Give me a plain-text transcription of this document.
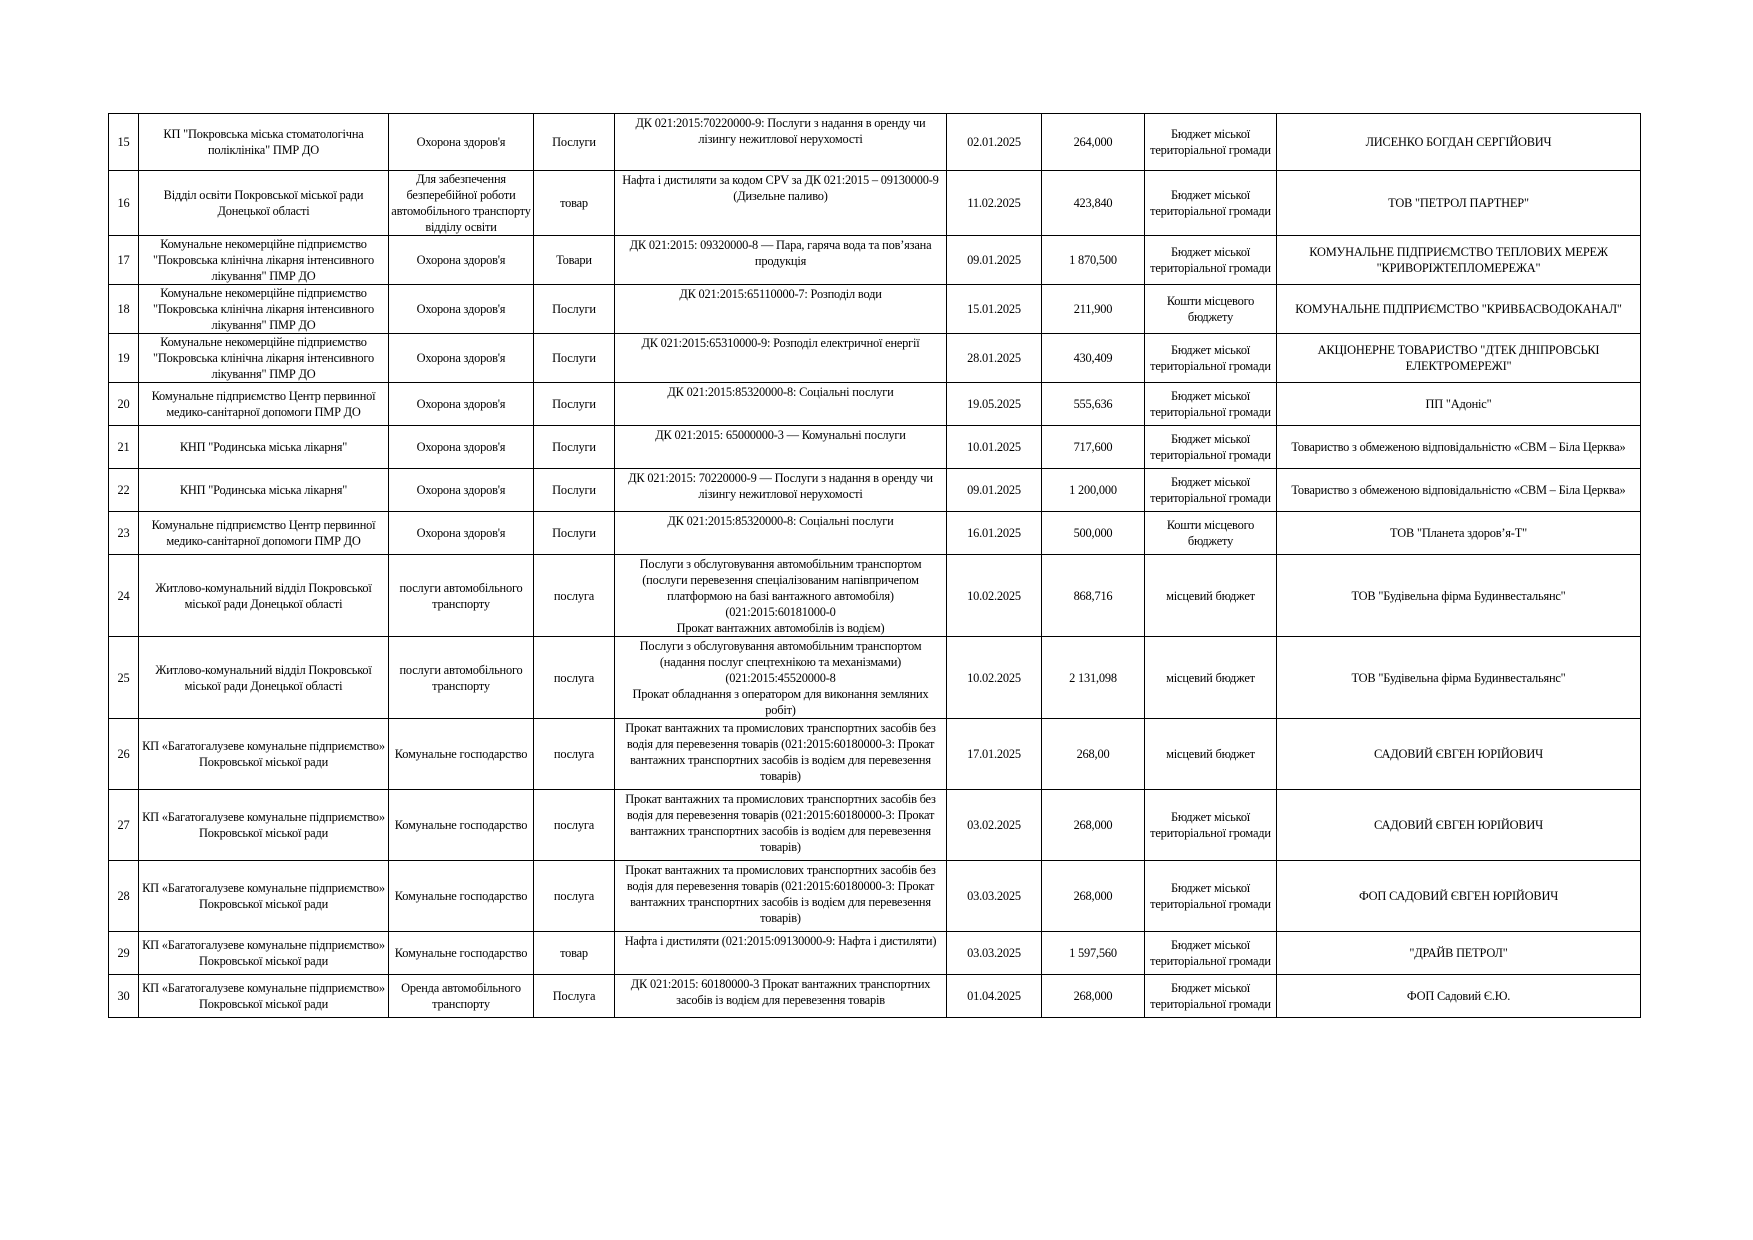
15	КП "Покровська міська стоматологічна поліклініка" ПМР ДО	Охорона здоров'я	Послуги	ДК 021:2015:70220000-9: Послуги з надання в оренду чи лізингу нежитлової нерухомості	02.01.2025	264,000	Бюджет міської територіальної громади	ЛИСЕНКО БОГДАН СЕРГІЙОВИЧ
16	Відділ освіти Покровської міської ради Донецької області	Для забезпечення безперебійної роботи автомобільного транспорту відділу освіти	товар	Нафта і дистиляти за кодом CPV за ДК 021:2015 – 09130000-9 (Дизельне паливо)	11.02.2025	423,840	Бюджет міської територіальної громади	ТОВ "ПЕТРОЛ ПАРТНЕР"
17	Комунальне некомерційне підприємство "Покровська клінічна лікарня інтенсивного лікування" ПМР ДО	Охорона здоров'я	Товари	ДК 021:2015: 09320000-8 — Пара, гаряча вода та пов’язана продукція	09.01.2025	1 870,500	Бюджет міської територіальної громади	КОМУНАЛЬНЕ ПІДПРИЄМСТВО ТЕПЛОВИХ МЕРЕЖ "КРИВОРІЖТЕПЛОМЕРЕЖА"
18	Комунальне некомерційне підприємство "Покровська клінічна лікарня інтенсивного лікування" ПМР ДО	Охорона здоров'я	Послуги	ДК 021:2015:65110000-7: Розподіл води	15.01.2025	211,900	Кошти місцевого бюджету	КОМУНАЛЬНЕ ПІДПРИЄМСТВО "КРИВБАСВОДОКАНАЛ"
19	Комунальне некомерційне підприємство "Покровська клінічна лікарня інтенсивного лікування" ПМР ДО	Охорона здоров'я	Послуги	ДК 021:2015:65310000-9: Розподіл електричної енергії	28.01.2025	430,409	Бюджет міської територіальної громади	АКЦІОНЕРНЕ ТОВАРИСТВО "ДТЕК ДНІПРОВСЬКІ ЕЛЕКТРОМЕРЕЖІ"
20	Комунальне підприємство Центр первинної медико-санітарної допомоги ПМР ДО	Охорона здоров'я	Послуги	ДК 021:2015:85320000-8: Соціальні послуги	19.05.2025	555,636	Бюджет міської територіальної громади	ПП "Адоніс"
21	КНП "Родинська міська лікарня"	Охорона здоров'я	Послуги	ДК 021:2015: 65000000-3 — Комунальні послуги	10.01.2025	717,600	Бюджет міської територіальної громади	Товариство з обмеженою відповідальністю «СВМ – Біла Церква»
22	КНП "Родинська міська лікарня"	Охорона здоров'я	Послуги	ДК 021:2015: 70220000-9 — Послуги з надання в оренду чи лізингу нежитлової нерухомості	09.01.2025	1 200,000	Бюджет міської територіальної громади	Товариство з обмеженою відповідальністю «СВМ – Біла Церква»
23	Комунальне підприємство Центр первинної медико-санітарної допомоги ПМР ДО	Охорона здоров'я	Послуги	ДК 021:2015:85320000-8: Соціальні послуги	16.01.2025	500,000	Кошти місцевого бюджету	ТОВ "Планета здоров’я-Т"
24	Житлово-комунальний відділ Покровської міської ради Донецької області	послуги автомобільного транспорту	послуга	Послуги з обслуговування автомобільним транспортом (послуги перевезення спеціалізованим напівпричепом платформою на базі вантажного автомобіля)
(021:2015:60181000-0
Прокат вантажних автомобілів із водієм)	10.02.2025	868,716	місцевий бюджет	ТОВ "Будівельна фірма Будинвестальянс"
25	Житлово-комунальний відділ Покровської міської ради Донецької області	послуги автомобільного транспорту	послуга	Послуги з обслуговування автомобільним транспортом (надання послуг спецтехнікою та механізмами)
(021:2015:45520000-8
Прокат обладнання з оператором для виконання земляних робіт)	10.02.2025	2 131,098	місцевий бюджет	ТОВ "Будівельна фірма Будинвестальянс"
26	КП «Багатогалузеве комунальне підприємство» Покровської міської ради	Комунальне господарство	послуга	Прокат вантажних та промислових транспортних засобів без водія для перевезення товарів (021:2015:60180000-3: Прокат вантажних транспортних засобів із водієм для перевезення товарів)	17.01.2025	268,00	місцевий бюджет	САДОВИЙ ЄВГЕН ЮРІЙОВИЧ
27	КП «Багатогалузеве комунальне підприємство» Покровської міської ради	Комунальне господарство	послуга	Прокат вантажних та промислових транспортних засобів без водія для перевезення товарів (021:2015:60180000-3: Прокат вантажних транспортних засобів із водієм для перевезення товарів)	03.02.2025	268,000	Бюджет міської територіальної громади	САДОВИЙ ЄВГЕН ЮРІЙОВИЧ
28	КП «Багатогалузеве комунальне підприємство» Покровської міської ради	Комунальне господарство	послуга	Прокат вантажних та промислових транспортних засобів без водія для перевезення товарів (021:2015:60180000-3: Прокат вантажних транспортних засобів із водієм для перевезення товарів)	03.03.2025	268,000	Бюджет міської територіальної громади	ФОП САДОВИЙ ЄВГЕН ЮРІЙОВИЧ
29	КП «Багатогалузеве комунальне підприємство» Покровської міської ради	Комунальне господарство	товар	Нафта і дистиляти (021:2015:09130000-9: Нафта і дистиляти)	03.03.2025	1 597,560	Бюджет міської територіальної громади	"ДРАЙВ ПЕТРОЛ"
30	КП «Багатогалузеве комунальне підприємство» Покровської міської ради	Оренда автомобільного транспорту	Послуга	ДК 021:2015: 60180000-3 Прокат вантажних транспортних засобів із водієм для перевезення товарів	01.04.2025	268,000	Бюджет міської територіальної громади	ФОП Садовий Є.Ю.
